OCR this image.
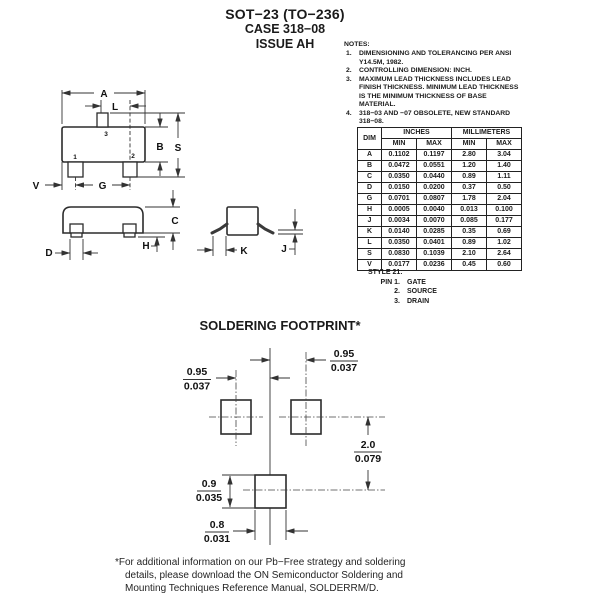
SOT−23 (TO−236)
CASE 318−08
ISSUE AH	NOTES:
1. DIMENSIONING AND TOLERANCING PER ANSI Y14.5M, 1982.
2. CONTROLLING DIMENSION: INCH.
3. MAXIMUM LEAD THICKNESS INCLUDES LEAD FINISH THICKNESS. MINIMUM LEAD THICKNESS IS THE MINIMUM THICKNESS OF BASE MATERIAL.
4. 318−03 AND −07 OBSOLETE, NEW STANDARD 318−08.
DIM	INCHES		MILLIMETERS	
	MIN	MAX	MIN	MAX
A	0.1102	0.1197	2.80	3.04
B	0.0472	0.0551	1.20	1.40
C	0.0350	0.0440	0.89	1.11
D	0.0150	0.0200	0.37	0.50
G	0.0701	0.0807	1.78	2.04
H	0.0005	0.0040	0.013	0.100
J	0.0034	0.0070	0.085	0.177
K	0.0140	0.0285	0.35	0.69
L	0.0350	0.0401	0.89	1.02
S	0.0830	0.1039	2.10	2.64
V	0.0177	0.0236	0.45	0.60
STYLE 21:
PIN 1. GATE
2. SOURCE
3. DRAIN
1	2
3
A
L
B S
V	G
C
H
D	K	J
SOLDERING FOOTPRINT*
0.95
0.037
0.95
0.037
2.0
0.079
0.9
0.035
0.8
0.031
*For additional information on our Pb−Free strategy and soldering
details, please download the ON Semiconductor Soldering and
Mounting Techniques Reference Manual, SOLDERRM/D.
